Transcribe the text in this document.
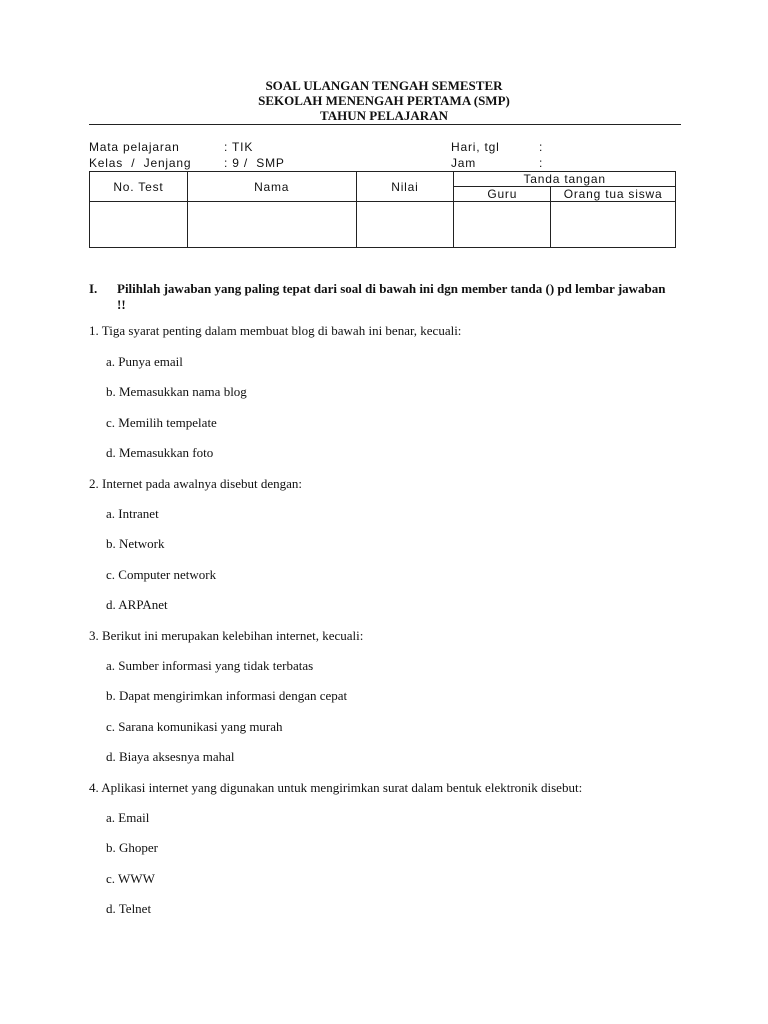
SOAL ULANGAN TENGAH SEMESTER
SEKOLAH MENENGAH PERTAMA (SMP)
TAHUN PELAJARAN
Mata pelajaran	: TIK
Kelas  /  Jenjang	: 9 /  SMP
Hari, tgl	:
Jam	:
No. Test	Nama	Nilai	Tanda tangan	
			Guru	Orang tua siswa

I. Pilihlah jawaban yang paling tepat dari soal di bawah ini dgn member tanda () pd lembar jawaban !!
1. Tiga syarat penting dalam membuat blog di bawah ini benar, kecuali:
a. Punya email
b. Memasukkan nama blog
c. Memilih tempelate
d. Memasukkan foto
2. Internet pada awalnya disebut dengan:
a. Intranet
b. Network
c. Computer network
d. ARPAnet
3. Berikut ini merupakan kelebihan internet, kecuali:
a. Sumber informasi yang tidak terbatas
b. Dapat mengirimkan informasi dengan cepat
c. Sarana komunikasi yang murah
d. Biaya aksesnya mahal
4. Aplikasi internet yang digunakan untuk mengirimkan surat dalam bentuk elektronik disebut:
a. Email
b. Ghoper
c. WWW
d. Telnet
